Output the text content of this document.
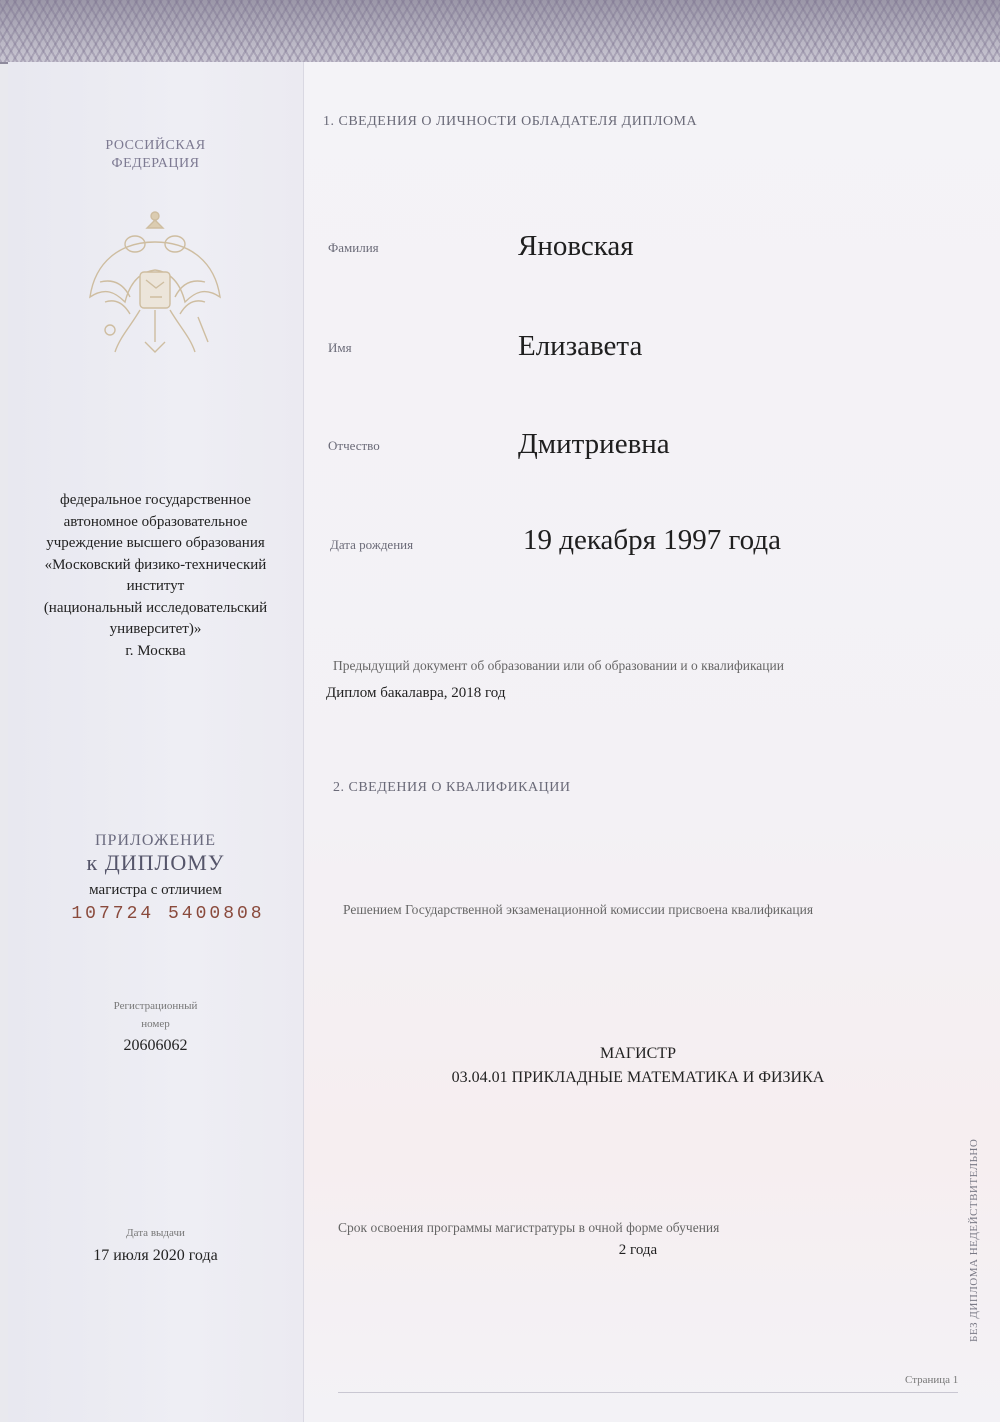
РОССИЙСКАЯ
ФЕДЕРАЦИЯ
федеральное государственное
автономное образовательное
учреждение высшего образования
«Московский физико-технический
институт
(национальный исследовательский
университет)»
г. Москва
ПРИЛОЖЕНИЕ
к ДИПЛОМУ
магистра с отличием
107724 5400808
Регистрационный
номер
20606062
Дата выдачи
17 июля 2020 года
1. СВЕДЕНИЯ О ЛИЧНОСТИ ОБЛАДАТЕЛЯ ДИПЛОМА
Фамилия	Яновская
Имя	Елизавета
Отчество	Дмитриевна
Дата рождения	19 декабря 1997 года
Предыдущий документ об образовании или об образовании и о квалификации
Диплом бакалавра, 2018 год
2. СВЕДЕНИЯ О КВАЛИФИКАЦИИ
Решением Государственной экзаменационной комиссии присвоена квалификация
МАГИСТР
03.04.01 ПРИКЛАДНЫЕ МАТЕМАТИКА И ФИЗИКА
Срок освоения программы магистратуры в очной форме обучения
2 года	БЕЗ ДИПЛОМА НЕДЕЙСТВИТЕЛЬНО
Страница 1
